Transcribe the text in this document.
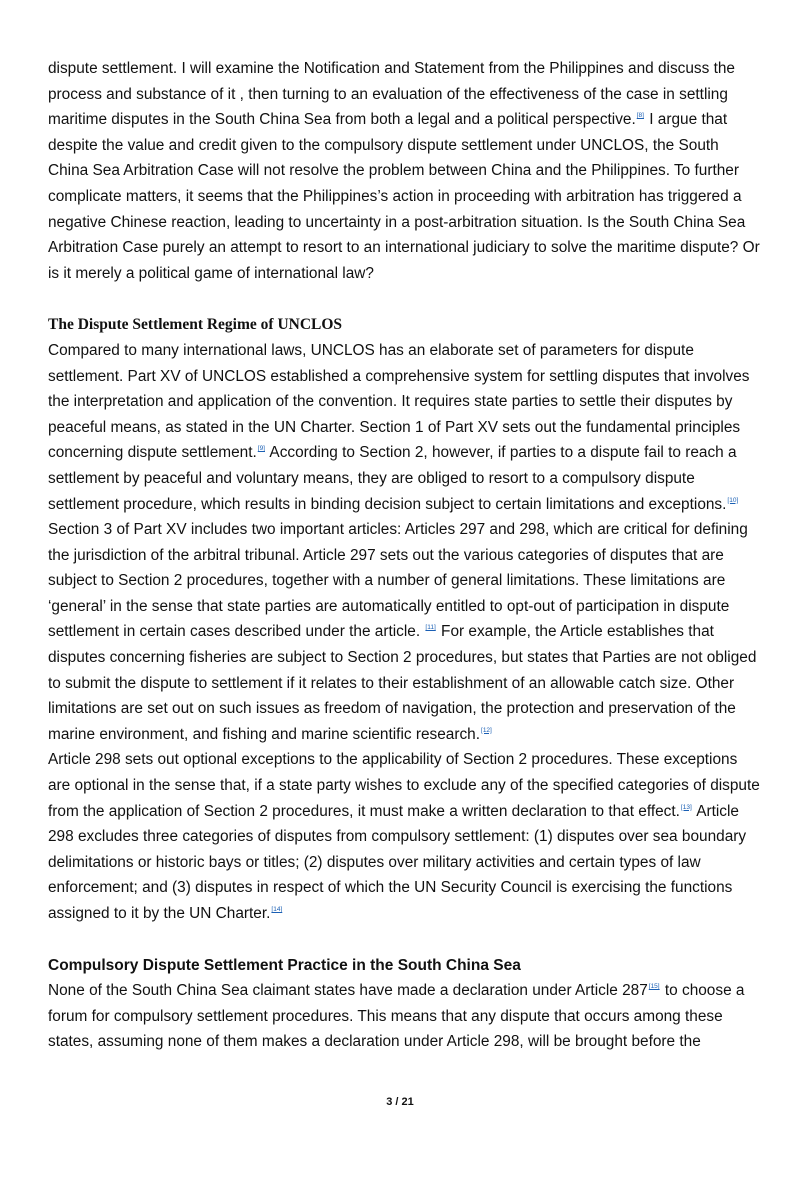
dispute settlement. I will examine the Notification and Statement from the Philippines and discuss the process and substance of it , then turning to an evaluation of the effectiveness of the case in settling maritime disputes in the South China Sea from both a legal and a political perspective.[8] I argue that despite the value and credit given to the compulsory dispute settlement under UNCLOS, the South China Sea Arbitration Case will not resolve the problem between China and the Philippines. To further complicate matters, it seems that the Philippines’s action in proceeding with arbitration has triggered a negative Chinese reaction, leading to uncertainty in a post-arbitration situation. Is the South China Sea Arbitration Case purely an attempt to resort to an international judiciary to solve the maritime dispute? Or is it merely a political game of international law?

The Dispute Settlement Regime of UNCLOS

Compared to many international laws, UNCLOS has an elaborate set of parameters for dispute settlement. Part XV of UNCLOS established a comprehensive system for settling disputes that involves the interpretation and application of the convention. It requires state parties to settle their disputes by peaceful means, as stated in the UN Charter. Section 1 of Part XV sets out the fundamental principles concerning dispute settlement.[9] According to Section 2, however, if parties to a dispute fail to reach a settlement by peaceful and voluntary means, they are obliged to resort to a compulsory dispute settlement procedure, which results in binding decision subject to certain limitations and exceptions.[10]

Section 3 of Part XV includes two important articles: Articles 297 and 298, which are critical for defining the jurisdiction of the arbitral tribunal. Article 297 sets out the various categories of disputes that are subject to Section 2 procedures, together with a number of general limitations. These limitations are ‘general’ in the sense that state parties are automatically entitled to opt-out of participation in dispute settlement in certain cases described under the article. [11] For example, the Article establishes that disputes concerning fisheries are subject to Section 2 procedures, but states that Parties are not obliged to submit the dispute to settlement if it relates to their establishment of an allowable catch size. Other limitations are set out on such issues as freedom of navigation, the protection and preservation of the marine environment, and fishing and marine scientific research.[12]

Article 298 sets out optional exceptions to the applicability of Section 2 procedures. These exceptions are optional in the sense that, if a state party wishes to exclude any of the specified categories of dispute from the application of Section 2 procedures, it must make a written declaration to that effect.[13] Article 298 excludes three categories of disputes from compulsory settlement: (1) disputes over sea boundary delimitations or historic bays or titles; (2) disputes over military activities and certain types of law enforcement; and (3) disputes in respect of which the UN Security Council is exercising the functions assigned to it by the UN Charter.[14]

Compulsory Dispute Settlement Practice in the South China Sea

None of the South China Sea claimant states have made a declaration under Article 287[15] to choose a forum for compulsory settlement procedures. This means that any dispute that occurs among these states, assuming none of them makes a declaration under Article 298, will be brought before the

3 / 21
